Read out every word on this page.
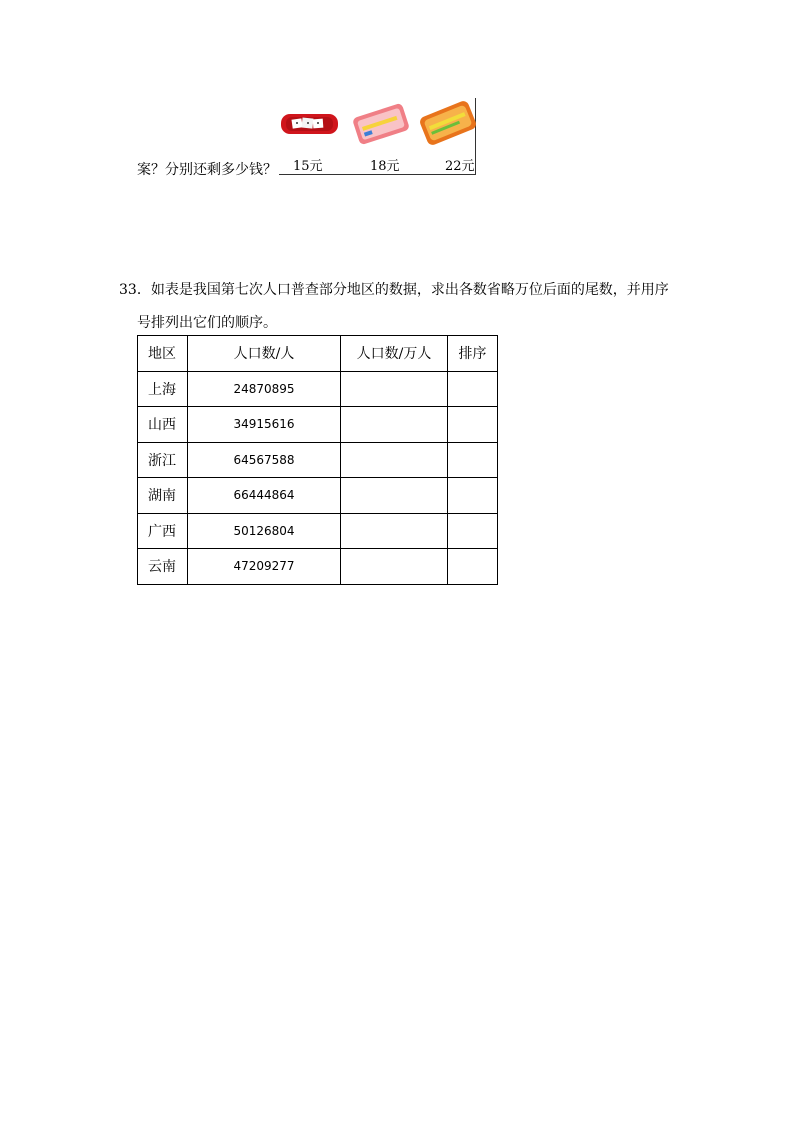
案？分别还剩多少钱？ 15元	18元	22元
33．如表是我国第七次人口普查部分地区的数据，求出各数省略万位后面的尾数，并用序
号排列出它们的顺序。
地区	人口数/人	人口数/万人	排序
上海	24870895		
山西	34915616		
浙江	64567588		
湖南	66444864		
广西	50126804		
云南	47209277		
